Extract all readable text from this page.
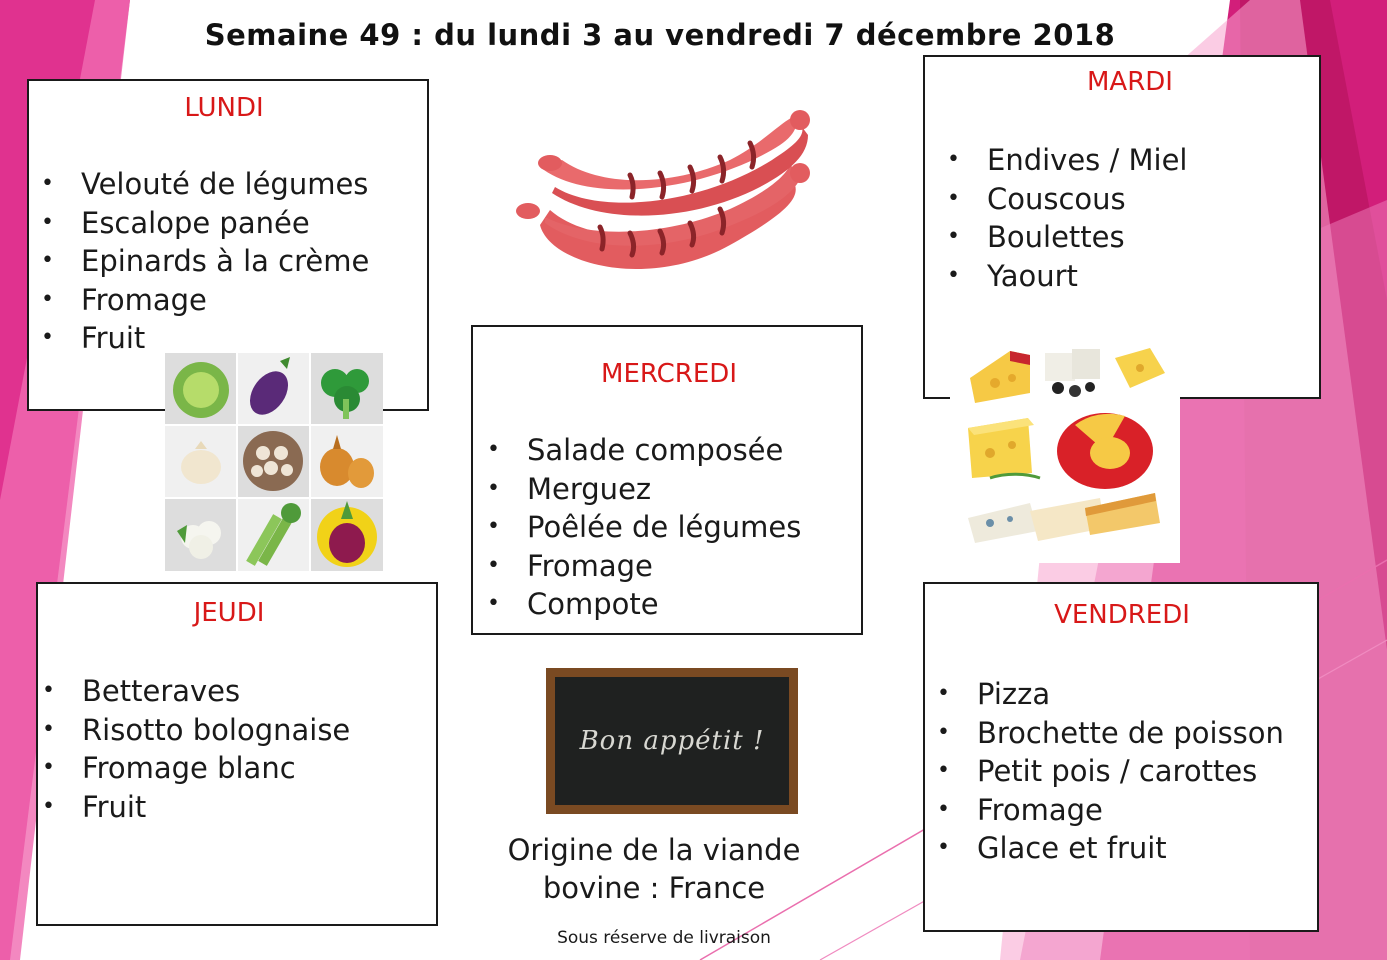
Semaine 49 : du lundi 3 au vendredi 7 décembre 2018
LUNDI
• Velouté de légumes
• Escalope panée
• Epinards à la crème
• Fromage
• Fruit
MARDI
• Endives / Miel
• Couscous
• Boulettes
• Yaourt
MERCREDI
• Salade composée
• Merguez
• Poêlée de légumes
• Fromage
• Compote
JEUDI
• Betteraves
• Risotto bolognaise
• Fromage blanc
• Fruit
VENDREDI
• Pizza
• Brochette de poisson
• Petit pois / carottes
• Fromage
• Glace et fruit
Bon appétit !
Origine de la viande
bovine : France
Sous réserve de livraison
